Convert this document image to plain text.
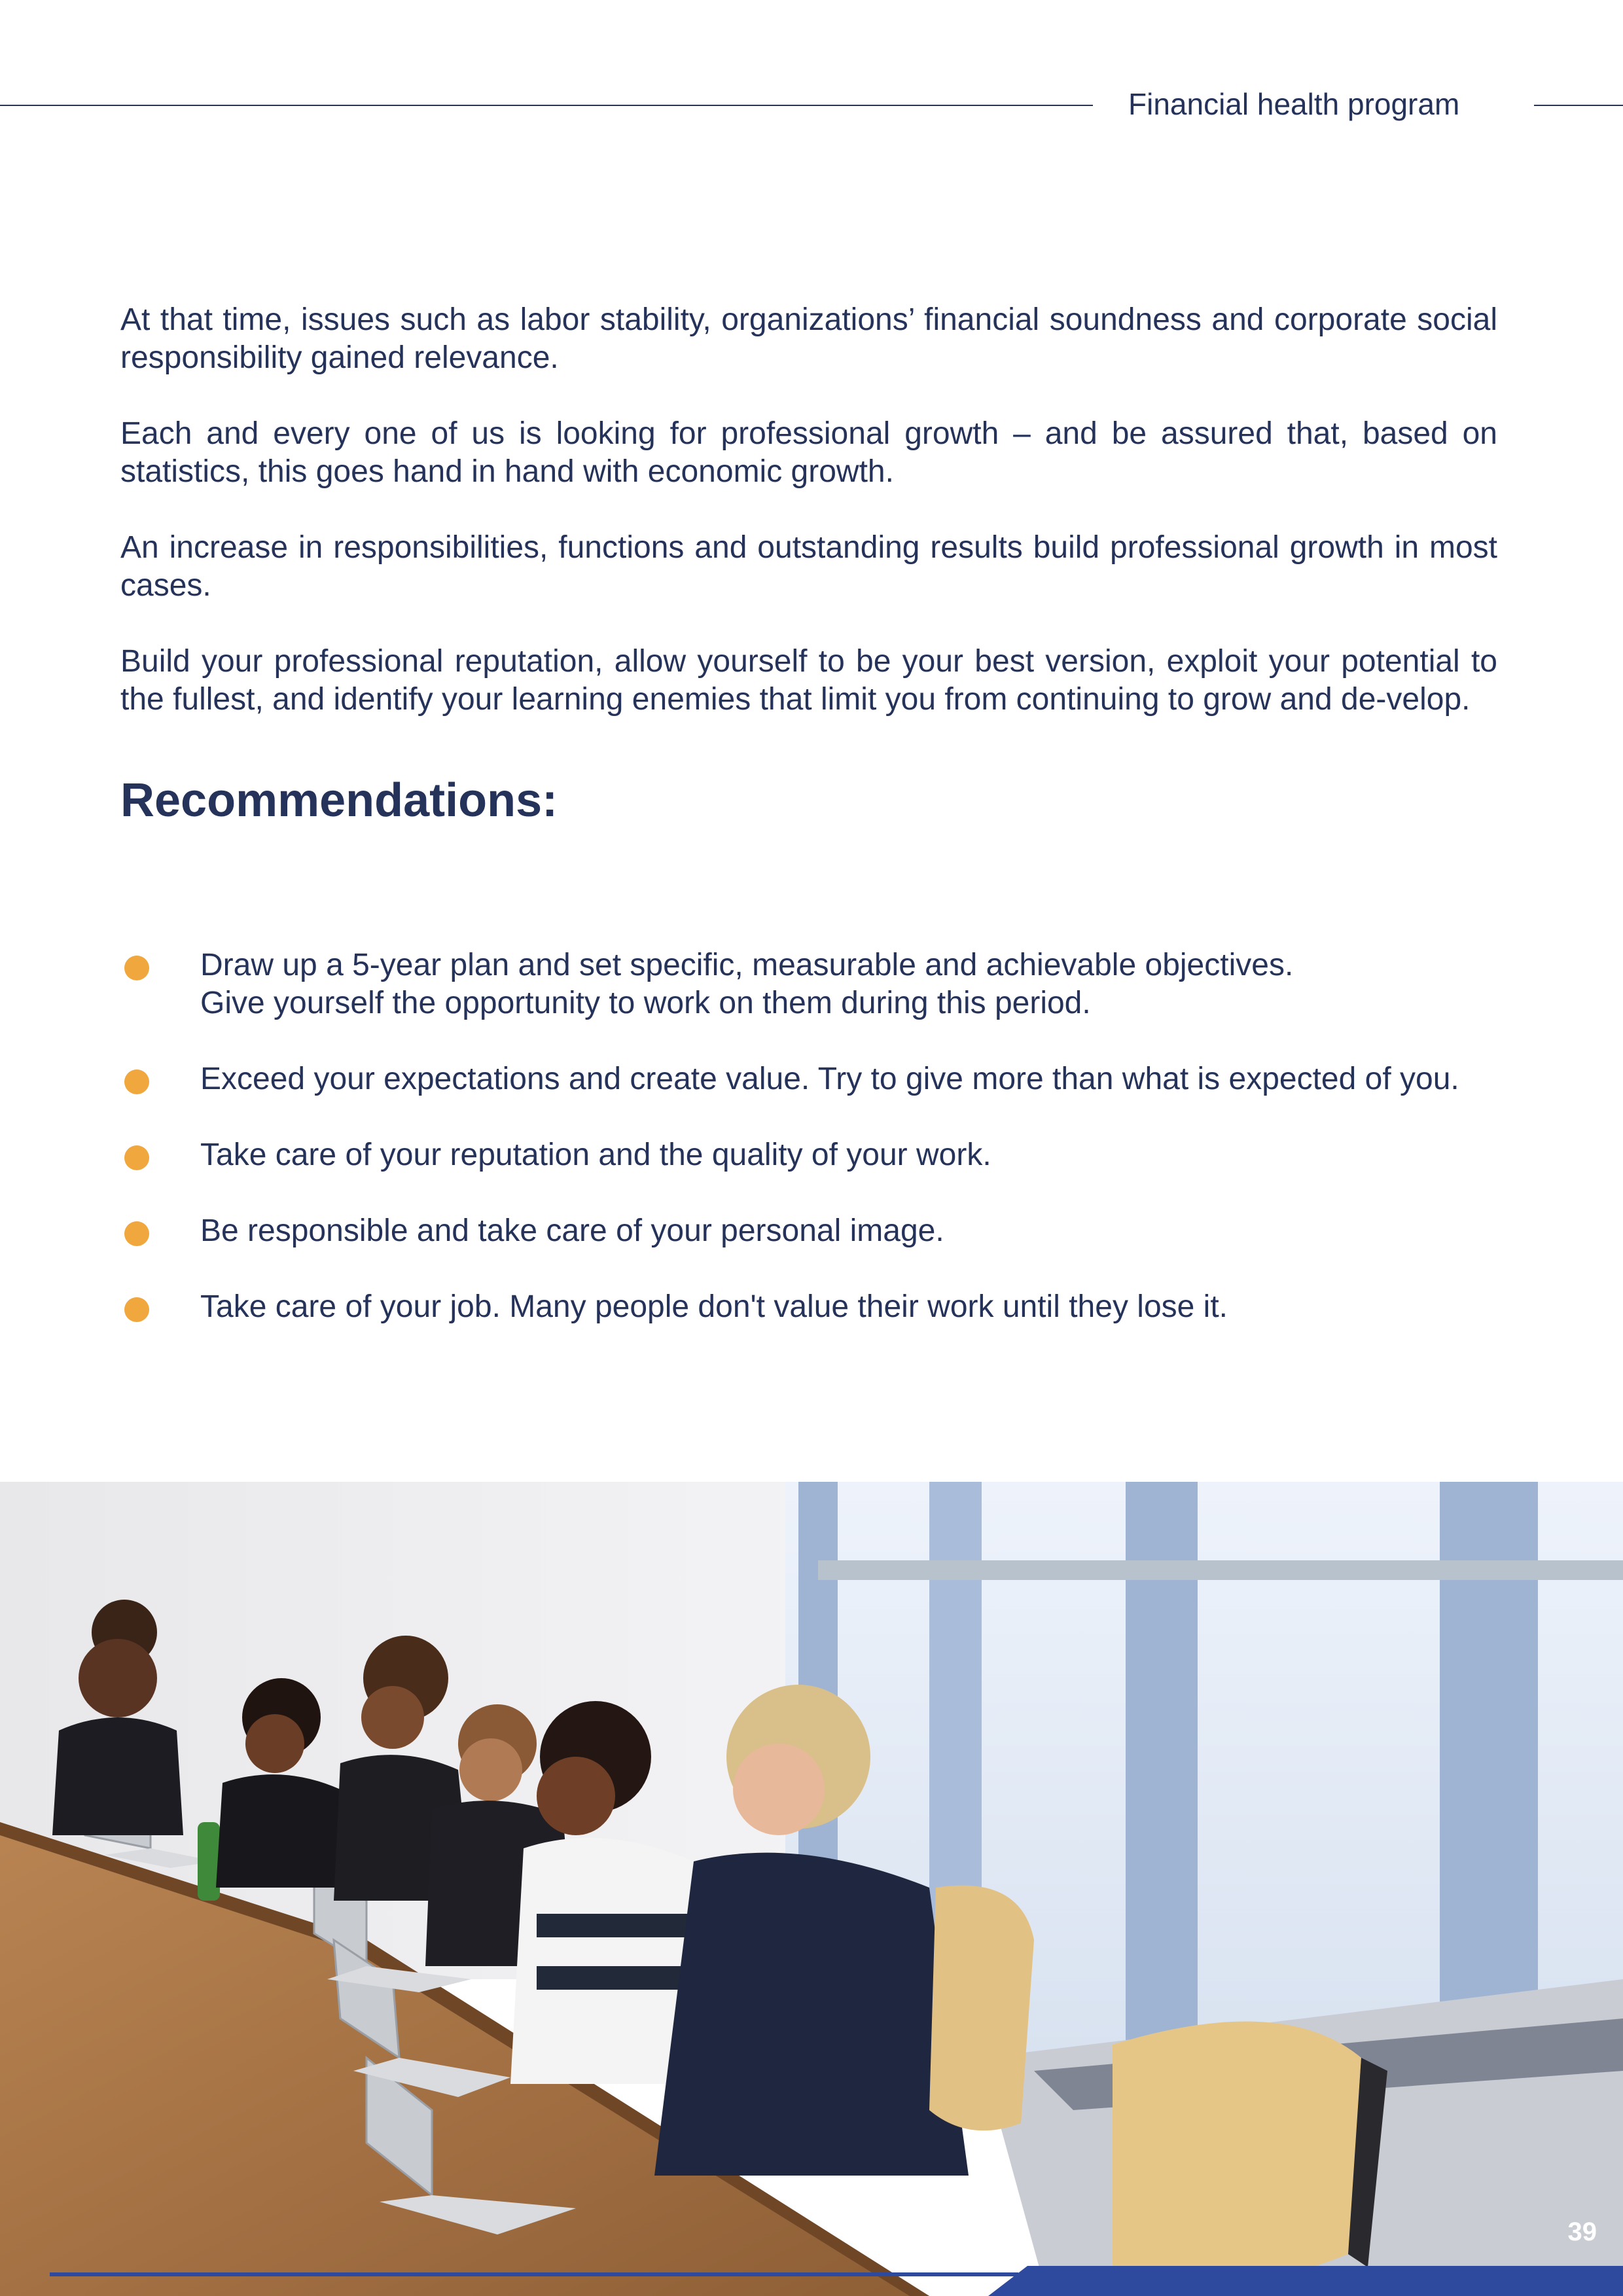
Financial health program

At that time, issues such as labor stability, organizations’ financial soundness and corporate social responsibility gained relevance.

Each and every one of us is looking for professional growth – and be assured that, based on statistics, this goes hand in hand with economic growth.

An increase in responsibilities, functions and outstanding results build professional growth in most cases.

Build your professional reputation, allow yourself to be your best version, exploit your potential to the fullest, and identify your learning enemies that limit you from continuing to grow and de-velop.

Recommendations:
Draw up a 5-year plan and set specific, measurable and achievable objectives.
Give yourself the opportunity to work on them during this period.
Exceed your expectations and create value. Try to give more than what is expected of you.
Take care of your reputation and the quality of your work.
Be responsible and take care of your personal image.
Take care of your job. Many people don't value their work until they lose it.
39
